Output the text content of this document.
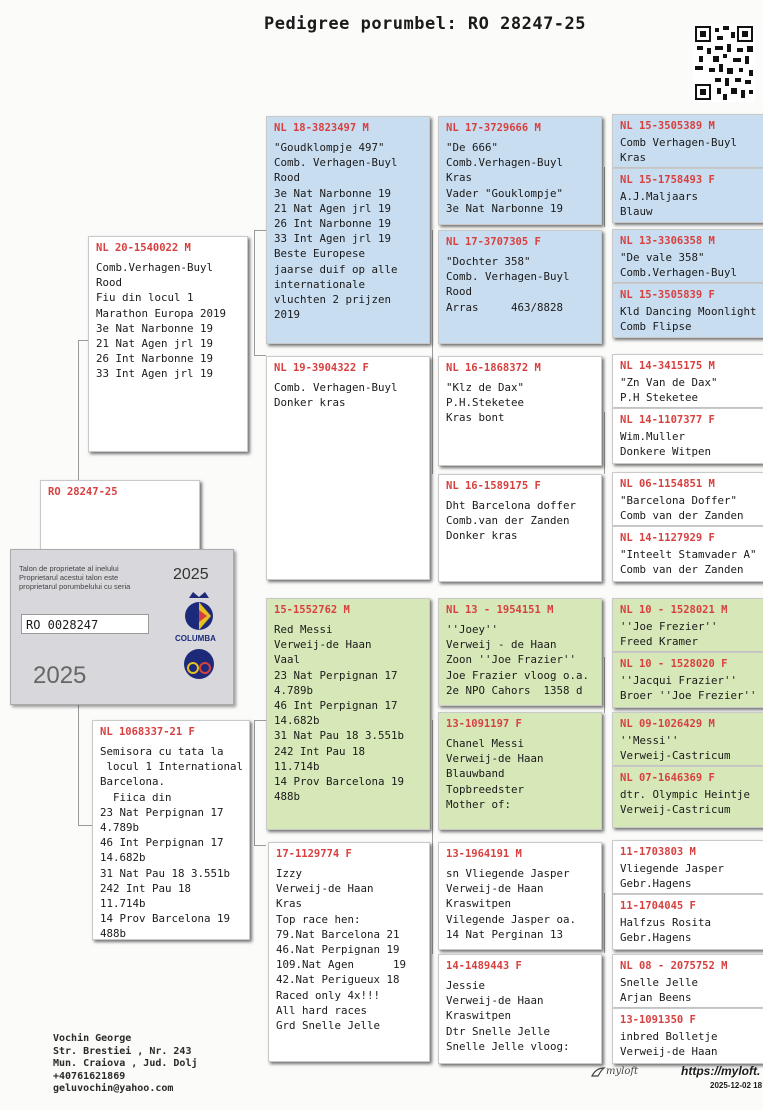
Pedigree porumbel: RO 28247-25
RO 28247-25
Talon de proprietate al inelului
Proprietarul acestui talon este
proprietarul porumbelului cu seria
2025
RO 0028247
COLUMBA
2025
NL 20-1540022 M
Comb.Verhagen-Buyl
Rood
Fiu din locul 1
Marathon Europa 2019
3e Nat Narbonne 19
21 Nat Agen jrl 19
26 Int Narbonne 19
33 Int Agen jrl 19
NL 1068337-21 F
Semisora cu tata la
locul 1 International
Barcelona.
Fiica din
23 Nat Perpignan 17
4.789b
46 Int Perpignan 17
14.682b
31 Nat Pau 18 3.551b
242 Int Pau 18
11.714b
14 Prov Barcelona 19
488b
NL 18-3823497 M
"Goudklompje 497"
Comb. Verhagen-Buyl
Rood
3e Nat Narbonne 19
21 Nat Agen jrl 19
26 Int Narbonne 19
33 Int Agen jrl 19
Beste Europese
jaarse duif op alle
internationale
vluchten 2 prijzen
2019
NL 19-3904322 F
Comb. Verhagen-Buyl
Donker kras
15-1552762 M
Red Messi
Verweij-de Haan
Vaal
23 Nat Perpignan 17
4.789b
46 Int Perpignan 17
14.682b
31 Nat Pau 18 3.551b
242 Int Pau 18
11.714b
14 Prov Barcelona 19
488b
17-1129774 F
Izzy
Verweij-de Haan
Kras
Top race hen:
79.Nat Barcelona 21
46.Nat Perpignan 19
109.Nat Agen      19
42.Nat Perigueux 18
Raced only 4x!!!
All hard races
Grd Snelle Jelle
NL 17-3729666 M
"De 666"
Comb.Verhagen-Buyl
Kras
Vader "Gouklompje"
3e Nat Narbonne 19
NL 17-3707305 F
"Dochter 358"
Comb. Verhagen-Buyl
Rood
Arras     463/8828
NL 16-1868372 M
"Klz de Dax"
P.H.Steketee
Kras bont
NL 16-1589175 F
Dht Barcelona doffer
Comb.van der Zanden
Donker kras
NL 13 - 1954151 M
''Joey''
Verweij - de Haan
Zoon ''Joe Frazier''
Joe Frazier vloog o.a.
2e NPO Cahors  1358 d
13-1091197 F
Chanel Messi
Verweij-de Haan
Blauwband
Topbreedster
Mother of:
13-1964191 M
sn Vliegende Jasper
Verweij-de Haan
Kraswitpen
Vilegende Jasper oa.
14 Nat Perginan 13
14-1489443 F
Jessie
Verweij-de Haan
Kraswitpen
Dtr Snelle Jelle
Snelle Jelle vloog:
NL 15-3505389 M
Comb Verhagen-Buyl
Kras
NL 15-1758493 F
A.J.Maljaars
Blauw
NL 13-3306358 M
"De vale 358"
Comb.Verhagen-Buyl
NL 15-3505839 F
Kld Dancing Moonlight
Comb Flipse
NL 14-3415175 M
"Zn Van de Dax"
P.H Steketee
NL 14-1107377 F
Wim.Muller
Donkere Witpen
NL 06-1154851 M
"Barcelona Doffer"
Comb van der Zanden
NL 14-1127929 F
"Inteelt Stamvader A"
Comb van der Zanden
NL 10 - 1528021 M
''Joe Frezier''
Freed Kramer
NL 10 - 1528020 F
''Jacqui Frazier''
Broer ''Joe Frezier''
NL 09-1026429 M
''Messi''
Verweij-Castricum
NL 07-1646369 F
dtr. Olympic Heintje
Verweij-Castricum
11-1703803 M
Vliegende Jasper
Gebr.Hagens
11-1704045 F
Halfzus Rosita
Gebr.Hagens
NL 08 - 2075752 M
Snelle Jelle
Arjan Beens
13-1091350 F
inbred Bolletje
Verweij-de Haan
Vochin George
Str. Brestiei , Nr. 243
Mun. Craiova , Jud. Dolj
+40761621869
geluvochin@yahoo.com
myloft	https://myloft.
2025-12-02 18
